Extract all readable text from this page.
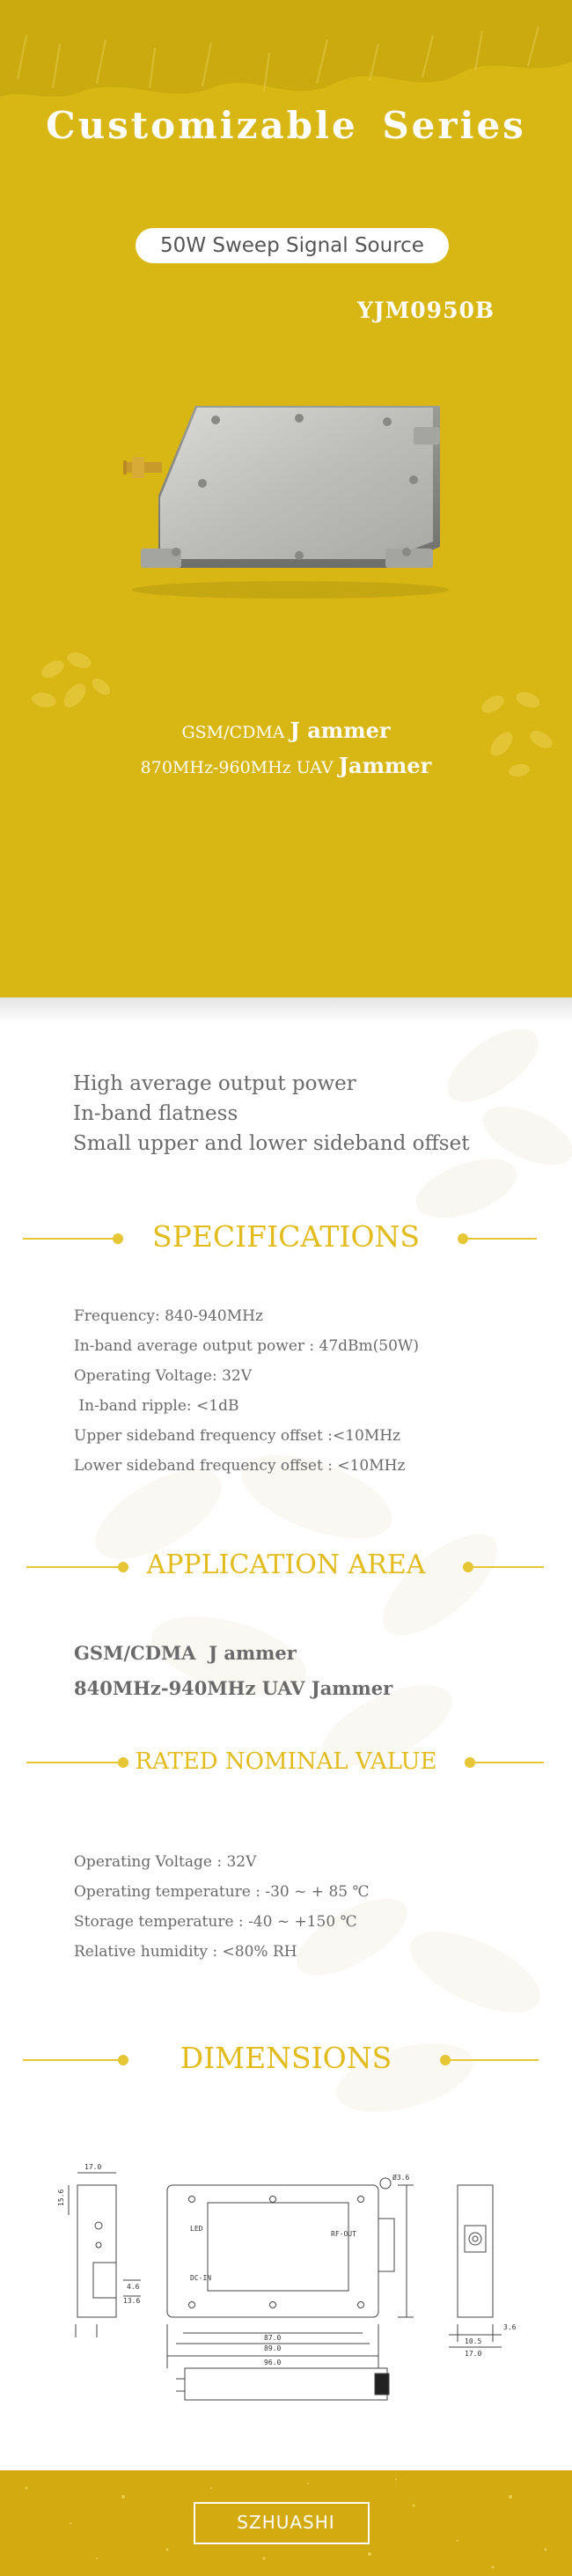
Customizable Series
50W Sweep Signal Source
YJM0950B
GSM/CDMA J ammer
870MHz-960MHz UAV Jammer
High average output power
In-band flatness
Small upper and lower sideband offset
SPECIFICATIONS
Frequency: 840-940MHz
In-band average output power : 47dBm(50W)
Operating Voltage: 32V
In-band ripple: <1dB
Upper sideband frequency offset :<10MHz
Lower sideband frequency offset : <10MHz
APPLICATION AREA
GSM/CDMA  J ammer
840MHz-940MHz UAV Jammer
RATED NOMINAL VALUE
Operating Voltage : 32V
Operating temperature : -30 ~ + 85 ℃
Storage temperature : -40 ~ +150 ℃
Relative humidity : <80% RH
DIMENSIONS
17.0
15.6
4.6
13.6
LED
DC-IN
RF-OUT
Ø3.6
87.0
89.0
96.0
3.6
10.5
17.0
SZHUASHI
